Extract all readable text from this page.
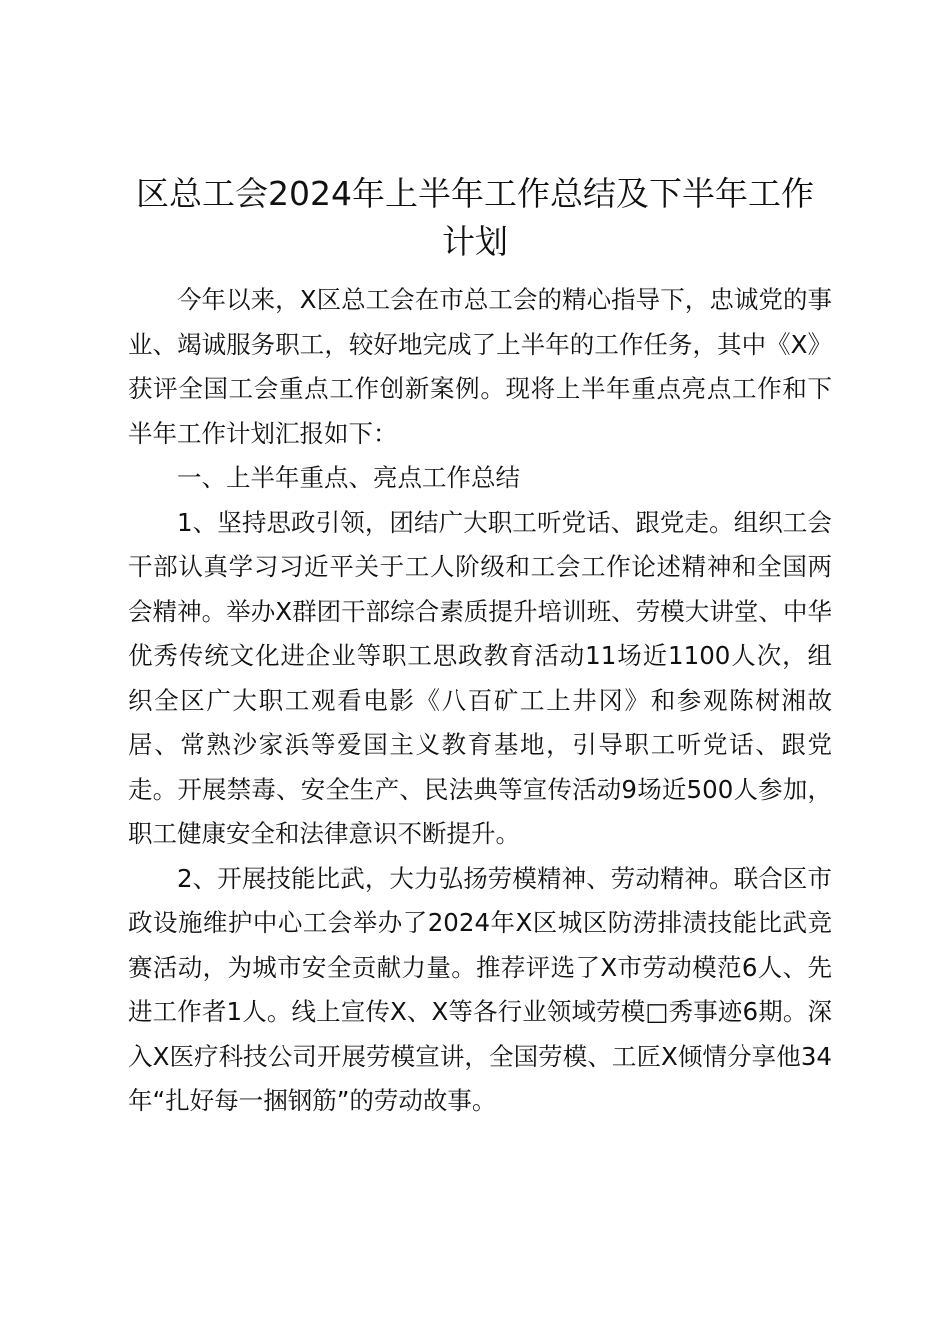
区总工会2024年上半年工作总结及下半年工作计划

今年以来，X区总工会在市总工会的精心指导下，忠诚党的事业、竭诚服务职工，较好地完成了上半年的工作任务，其中《X》获评全国工会重点工作创新案例。现将上半年重点亮点工作和下半年工作计划汇报如下：

一、上半年重点、亮点工作总结

1、坚持思政引领，团结广大职工听党话、跟党走。组织工会干部认真学习习近平关于工人阶级和工会工作论述精神和全国两会精神。举办X群团干部综合素质提升培训班、劳模大讲堂、中华优秀传统文化进企业等职工思政教育活动11场近1100人次，组织全区广大职工观看电影《八百矿工上井冈》和参观陈树湘故居、常熟沙家浜等爱国主义教育基地，引导职工听党话、跟党走。开展禁毒、安全生产、民法典等宣传活动9场近500人参加，职工健康安全和法律意识不断提升。

2、开展技能比武，大力弘扬劳模精神、劳动精神。联合区市政设施维护中心工会举办了2024年X区城区防涝排渍技能比武竞赛活动，为城市安全贡献力量。推荐评选了X市劳动模范6人、先进工作者1人。线上宣传X、X等各行业领域劳模□秀事迹6期。深入X医疗科技公司开展劳模宣讲，全国劳模、工匠X倾情分享他34年“扎好每一捆钢筋”的劳动故事。
